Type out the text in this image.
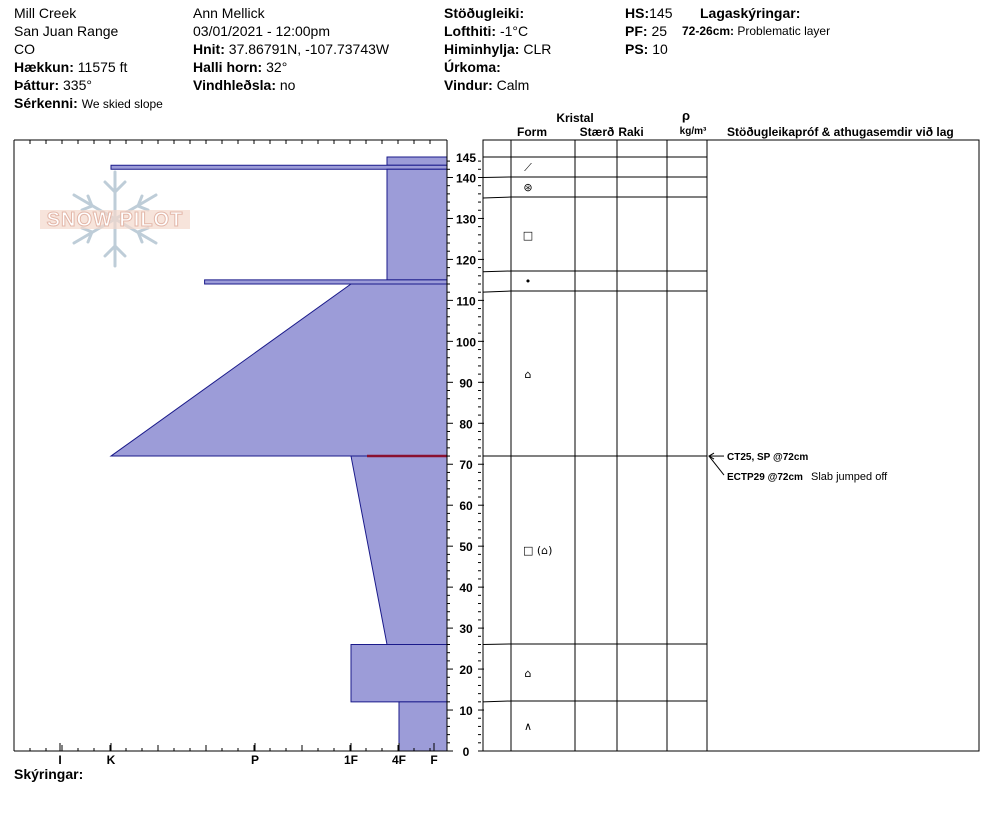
Mill Creek
San Juan Range
CO
Hækkun: 11575 ft
Þáttur: 335°
Sérkenni: We skied slope
Ann Mellick
03/01/2021 - 12:00pm
Hnit: 37.86791N, -107.73743W
Halli horn: 32°
Vindhleðsla: no
Stöðugleiki:
Lofthiti: -1°C
Himinhylja: CLR
Úrkoma:
Vindur: Calm
HS:145
PF: 25
PS: 10
Lagaskýringar:
72-26cm: Problematic layer
SNOW PILOT
I	K	P	1F	4F F
0
10
20
30
40
50
60
70
80
90
100
110
120
130
140
145
Kristal
Form	Stærð Raki
ρ
kg/m³ Stöðugleikapróf & athugasemdir við lag
⟋
⊛
□
•
⌂
□ (⌂)
⌂
∧
CT25, SP @72cm
ECTP29 @72cm Slab jumped off
Skýringar:
